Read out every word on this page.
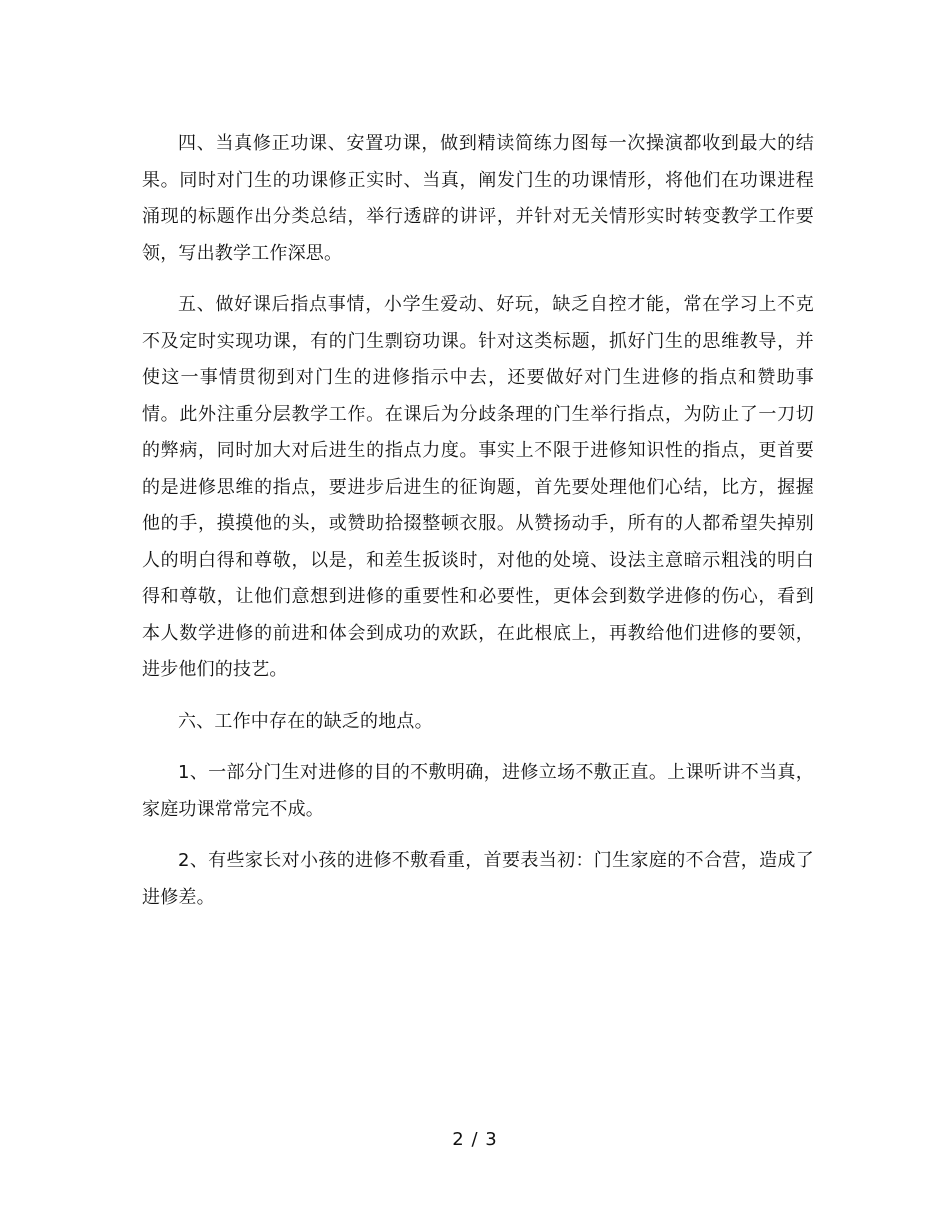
四、当真修正功课、安置功课，做到精读简练力图每一次操演都收到最大的结果。同时对门生的功课修正实时、当真，阐发门生的功课情形，将他们在功课进程涌现的标题作出分类总结，举行透辟的讲评，并针对无关情形实时转变教学工作要领，写出教学工作深思。

五、做好课后指点事情，小学生爱动、好玩，缺乏自控才能，常在学习上不克不及定时实现功课，有的门生剽窃功课。针对这类标题，抓好门生的思维教导，并使这一事情贯彻到对门生的进修指示中去，还要做好对门生进修的指点和赞助事情。此外注重分层教学工作。在课后为分歧条理的门生举行指点，为防止了一刀切的弊病，同时加大对后进生的指点力度。事实上不限于进修知识性的指点，更首要的是进修思维的指点，要进步后进生的征询题，首先要处理他们心结，比方，握握他的手，摸摸他的头，或赞助拾掇整顿衣服。从赞扬动手，所有的人都希望失掉别人的明白得和尊敬，以是，和差生扳谈时，对他的处境、设法主意暗示粗浅的明白得和尊敬，让他们意想到进修的重要性和必要性，更体会到数学进修的伤心，看到本人数学进修的前进和体会到成功的欢跃，在此根底上，再教给他们进修的要领，进步他们的技艺。

六、工作中存在的缺乏的地点。

1、一部分门生对进修的目的不敷明确，进修立场不敷正直。上课听讲不当真，家庭功课常常完不成。

2、有些家长对小孩的进修不敷看重，首要表当初：门生家庭的不合营，造成了进修差。

2 / 3
